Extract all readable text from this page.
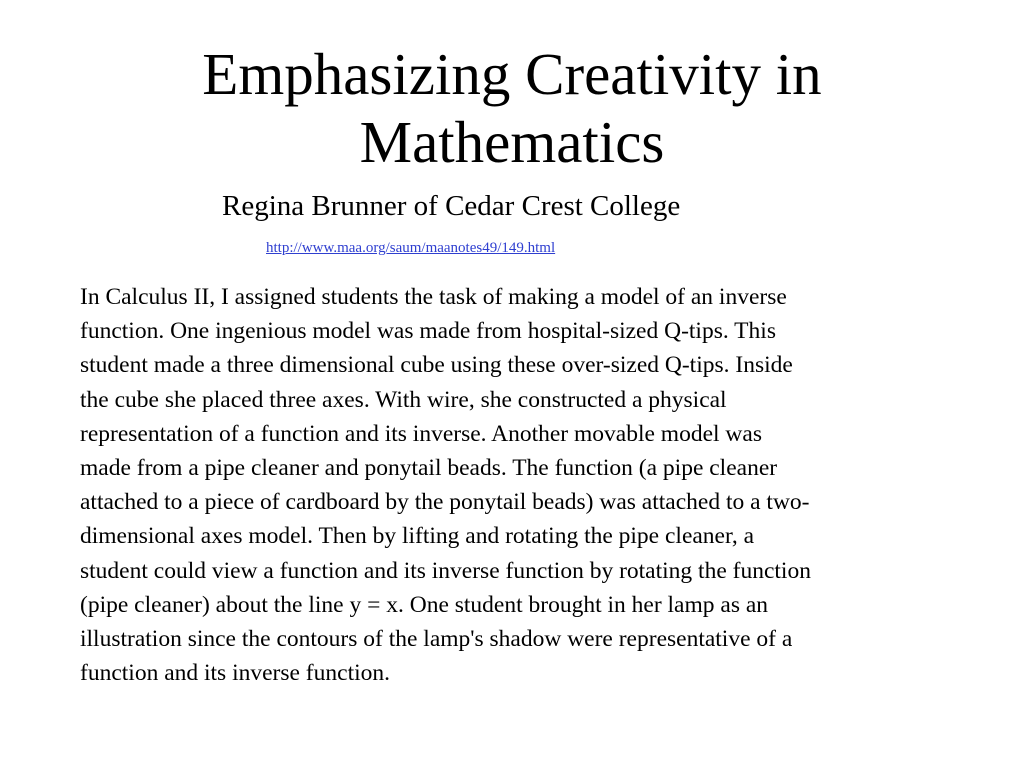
Emphasizing Creativity in
Mathematics

Regina Brunner of Cedar Crest College

http://www.maa.org/saum/maanotes49/149.html
In Calculus II, I assigned students the task of making a model of an inverse
function. One ingenious model was made from hospital-sized Q-tips. This
student made a three dimensional cube using these over-sized Q-tips. Inside
the cube she placed three axes. With wire, she constructed a physical
representation of a function and its inverse. Another movable model was
made from a pipe cleaner and ponytail beads. The function (a pipe cleaner
attached to a piece of cardboard by the ponytail beads) was attached to a two-
dimensional axes model. Then by lifting and rotating the pipe cleaner, a
student could view a function and its inverse function by rotating the function
(pipe cleaner) about the line y = x. One student brought in her lamp as an
illustration since the contours of the lamp's shadow were representative of a
function and its inverse function.
